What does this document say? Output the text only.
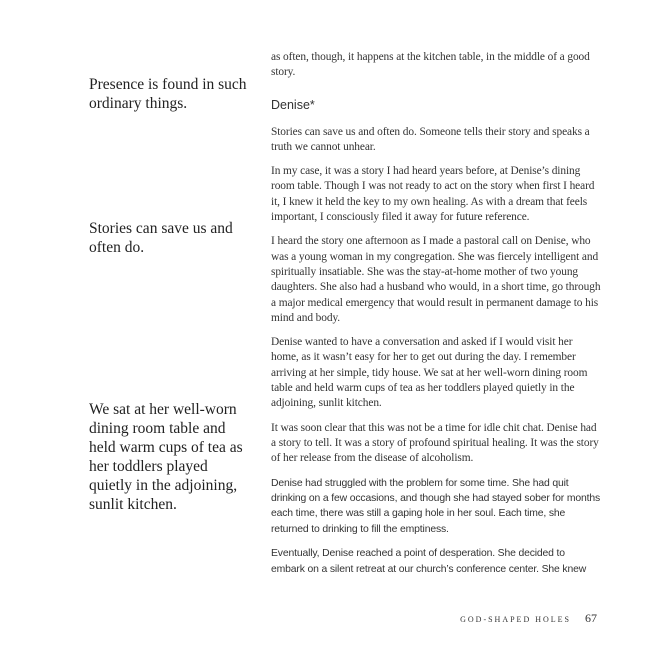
Presence is found in such ordinary things.
Stories can save us and often do.
We sat at her well-worn dining room table and held warm cups of tea as her toddlers played quietly in the adjoining, sunlit kitchen.

as often, though, it happens at the kitchen table, in the middle of a good story.

Denise*

Stories can save us and often do. Someone tells their story and speaks a truth we cannot unhear.

In my case, it was a story I had heard years before, at Denise’s dining room table. Though I was not ready to act on the story when first I heard it, I knew it held the key to my own healing. As with a dream that feels important, I consciously filed it away for future reference.

I heard the story one afternoon as I made a pastoral call on Denise, who was a young woman in my congregation. She was fiercely intelligent and spiritually insatiable. She was the stay-at-home mother of two young daughters. She also had a husband who would, in a short time, go through a major medical emergency that would result in permanent damage to his mind and body.

Denise wanted to have a conversation and asked if I would visit her home, as it wasn’t easy for her to get out during the day. I remember arriving at her simple, tidy house. We sat at her well-worn dining room table and held warm cups of tea as her toddlers played quietly in the adjoining, sunlit kitchen.

It was soon clear that this was not be a time for idle chit chat. Denise had a story to tell. It was a story of profound spiritual healing. It was the story of her release from the disease of alcoholism.

Denise had struggled with the problem for some time. She had quit drinking on a few occasions, and though she had stayed sober for months each time, there was still a gaping hole in her soul. Each time, she returned to drinking to fill the emptiness.

Eventually, Denise reached a point of desperation. She decided to embark on a silent retreat at our church’s conference center. She knew

GOD-SHAPED HOLES 67
